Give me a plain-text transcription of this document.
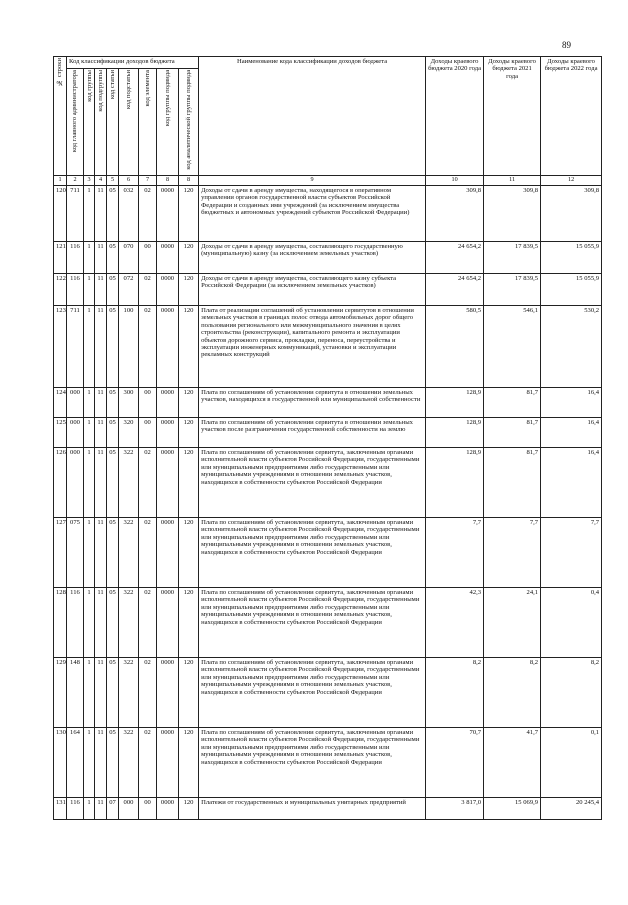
89
№ строки	Код классификации доходов бюджета								Наименование кода классификации доходов бюджета	Доходы краевого бюджета 2020 года	Доходы краевого бюджета 2021 года	Доходы краевого бюджета 2022 года
	код главного администратора	код группы	код подгруппы	код статьи	код подстатьи	код элемента	код группы подвида	код аналитической группы подвида				
1	2	3	4	5	6	7	8	8	9	10	11	12
120	711	1	11	05	032	02	0000	120	Доходы от сдачи в аренду имущества, находящегося в оперативном управлении органов государственной власти субъектов Российской Федерации и созданных ими учреждений (за исключением имущества бюджетных и автономных учреждений субъектов Российской Федерации)	309,8	309,8	309,8
121	116	1	11	05	070	00	0000	120	Доходы от сдачи в аренду имущества, составляющего государственную (муниципальную) казну (за исключением земельных участков)	24 654,2	17 839,5	15 055,9
122	116	1	11	05	072	02	0000	120	Доходы от сдачи в аренду имущества, составляющего казну субъекта Российской Федерации (за исключением земельных участков)	24 654,2	17 839,5	15 055,9
123	711	1	11	05	100	02	0000	120	Плата от реализации соглашений об установлении сервитутов в отношении земельных участков в границах полос отвода автомобильных дорог общего пользования регионального или межмуниципального значения в целях строительства (реконструкции), капитального ремонта и эксплуатации объектов дорожного сервиса, прокладки, переноса, переустройства и эксплуатации инженерных коммуникаций, установки и эксплуатации рекламных конструкций	580,5	546,1	530,2
124	000	1	11	05	300	00	0000	120	Плата по соглашениям об установлении сервитута в отношении земельных участков, находящихся в государственной или муниципальной собственности	128,9	81,7	16,4
125	000	1	11	05	320	00	0000	120	Плата по соглашениям об установлении сервитута в отношении земельных участков после разграничения государственной собственности на землю	128,9	81,7	16,4
126	000	1	11	05	322	02	0000	120	Плата по соглашениям об установлении сервитута, заключенным органами исполнительной власти субъектов Российской Федерации, государственными или муниципальными предприятиями либо государственными или муниципальными учреждениями в отношении земельных участков, находящихся в собственности субъектов Российской Федерации	128,9	81,7	16,4
127	075	1	11	05	322	02	0000	120	Плата по соглашениям об установлении сервитута, заключенным органами исполнительной власти субъектов Российской Федерации, государственными или муниципальными предприятиями либо государственными или муниципальными учреждениями в отношении земельных участков, находящихся в собственности субъектов Российской Федерации	7,7	7,7	7,7
128	116	1	11	05	322	02	0000	120	Плата по соглашениям об установлении сервитута, заключенным органами исполнительной власти субъектов Российской Федерации, государственными или муниципальными предприятиями либо государственными или муниципальными учреждениями в отношении земельных участков, находящихся в собственности субъектов Российской Федерации	42,3	24,1	0,4
129	148	1	11	05	322	02	0000	120	Плата по соглашениям об установлении сервитута, заключенным органами исполнительной власти субъектов Российской Федерации, государственными или муниципальными предприятиями либо государственными или муниципальными учреждениями в отношении земельных участков, находящихся в собственности субъектов Российской Федерации	8,2	8,2	8,2
130	164	1	11	05	322	02	0000	120	Плата по соглашениям об установлении сервитута, заключенным органами исполнительной власти субъектов Российской Федерации, государственными или муниципальными предприятиями либо государственными или муниципальными учреждениями в отношении земельных участков, находящихся в собственности субъектов Российской Федерации	70,7	41,7	0,1
131	116	1	11	07	000	00	0000	120	Платежи от государственных и муниципальных унитарных предприятий	3 817,0	15 069,9	20 245,4
